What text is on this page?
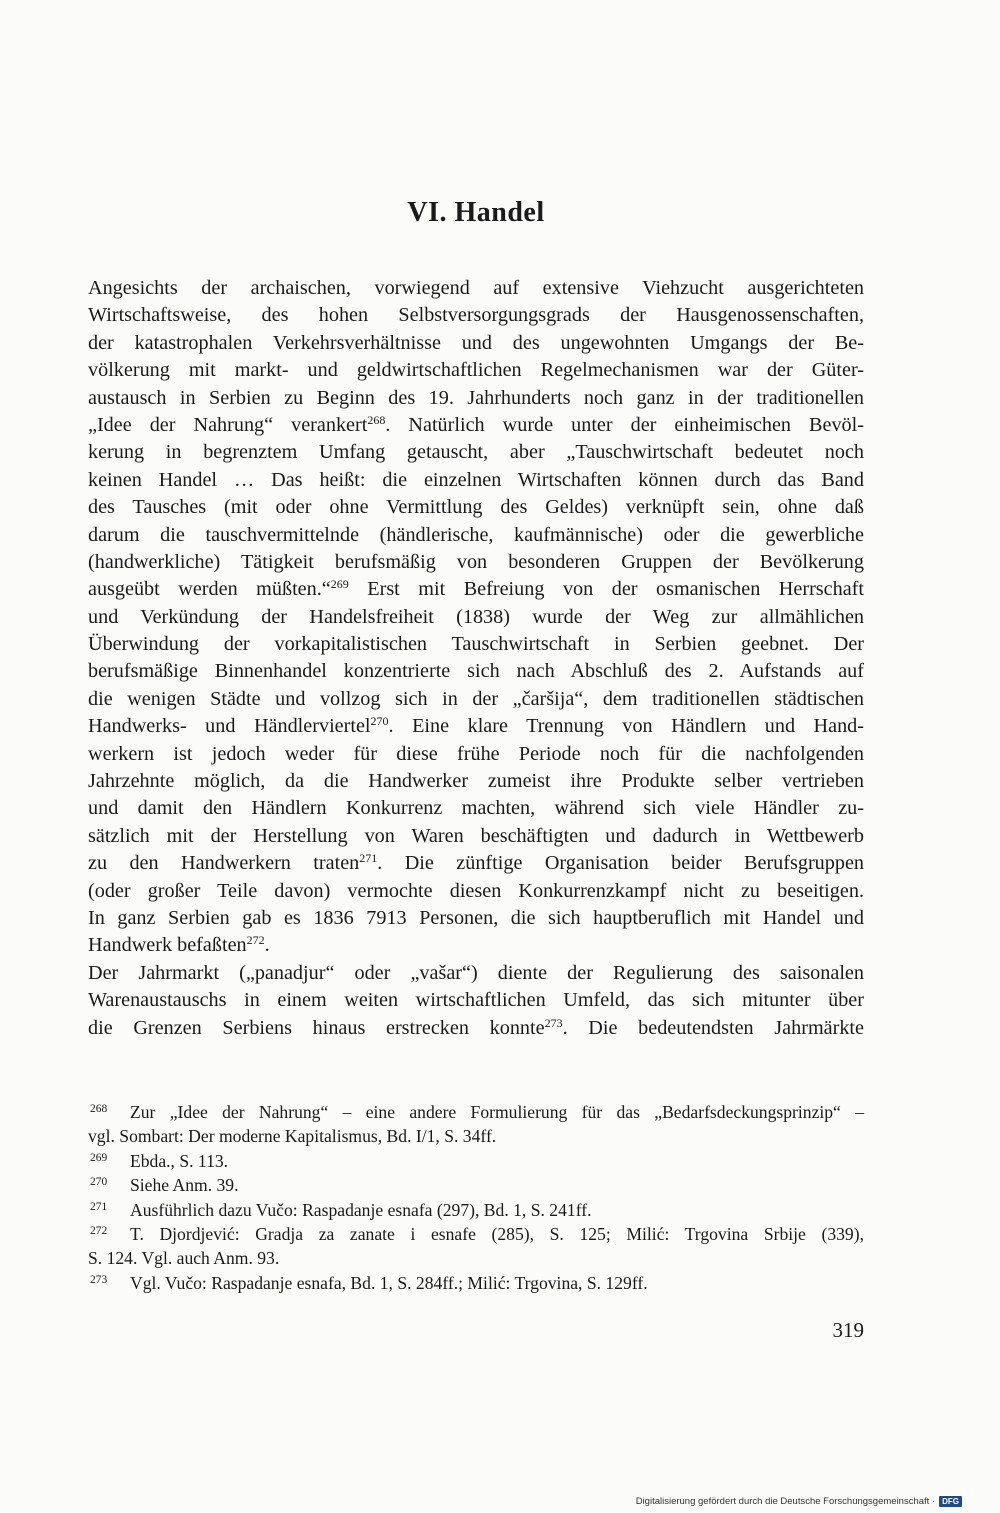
VI. Handel
Angesichts der archaischen, vorwiegend auf extensive Viehzucht ausgerichteten
Wirtschaftsweise, des hohen Selbstversorgungsgrads der Hausgenossenschaften,
der katastrophalen Verkehrsverhältnisse und des ungewohnten Umgangs der Be-
völkerung mit markt- und geldwirtschaftlichen Regelmechanismen war der Güter-
austausch in Serbien zu Beginn des 19. Jahrhunderts noch ganz in der traditionellen
„Idee der Nahrung“ verankert$^{268}$. Natürlich wurde unter der einheimischen Bevöl-
kerung in begrenztem Umfang getauscht, aber „Tauschwirtschaft bedeutet noch
keinen Handel … Das heißt: die einzelnen Wirtschaften können durch das Band
des Tausches (mit oder ohne Vermittlung des Geldes) verknüpft sein, ohne daß
darum die tauschvermittelnde (händlerische, kaufmännische) oder die gewerbliche
(handwerkliche) Tätigkeit berufsmäßig von besonderen Gruppen der Bevölkerung
ausgeübt werden müßten.“$^{269}$ Erst mit Befreiung von der osmanischen Herrschaft
und Verkündung der Handelsfreiheit (1838) wurde der Weg zur allmählichen
Überwindung der vorkapitalistischen Tauschwirtschaft in Serbien geebnet. Der
berufsmäßige Binnenhandel konzentrierte sich nach Abschluß des 2. Aufstands auf
die wenigen Städte und vollzog sich in der „čaršija“, dem traditionellen städtischen
Handwerks- und Händlerviertel$^{270}$. Eine klare Trennung von Händlern und Hand-
werkern ist jedoch weder für diese frühe Periode noch für die nachfolgenden
Jahrzehnte möglich, da die Handwerker zumeist ihre Produkte selber vertrieben
und damit den Händlern Konkurrenz machten, während sich viele Händler zu-
sätzlich mit der Herstellung von Waren beschäftigten und dadurch in Wettbewerb
zu den Handwerkern traten$^{271}$. Die zünftige Organisation beider Berufsgruppen
(oder großer Teile davon) vermochte diesen Konkurrenzkampf nicht zu beseitigen.
In ganz Serbien gab es 1836 7913 Personen, die sich hauptberuflich mit Handel und
Handwerk befaßten$^{272}$.
Der Jahrmarkt („panadjur“ oder „vašar“) diente der Regulierung des saisonalen
Warenaustauschs in einem weiten wirtschaftlichen Umfeld, das sich mitunter über
die Grenzen Serbiens hinaus erstrecken konnte$^{273}$. Die bedeutendsten Jahrmärkte
268 Zur „Idee der Nahrung“ – eine andere Formulierung für das „Bedarfsdeckungsprinzip“ –
vgl. Sombart: Der moderne Kapitalismus, Bd. I/1, S. 34ff.
269 Ebda., S. 113.
270 Siehe Anm. 39.
271 Ausführlich dazu Vučo: Raspadanje esnafa (297), Bd. 1, S. 241ff.
272 T. Djordjević: Gradja za zanate i esnafe (285), S. 125; Milić: Trgovina Srbije (339),
S. 124. Vgl. auch Anm. 93.
273 Vgl. Vučo: Raspadanje esnafa, Bd. 1, S. 284ff.; Milić: Trgovina, S. 129ff.
319
Digitalisierung gefördert durch die Deutsche Forschungsgemeinschaft · DFG
